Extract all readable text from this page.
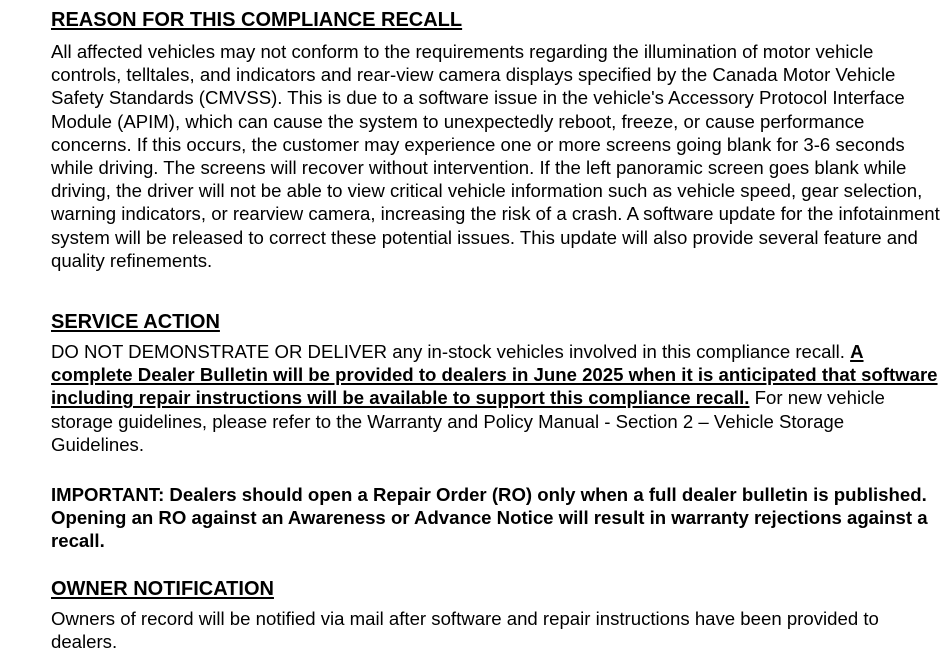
REASON FOR THIS COMPLIANCE RECALL

All affected vehicles may not conform to the requirements regarding the illumination of motor vehicle controls, telltales, and indicators and rear-view camera displays specified by the Canada Motor Vehicle Safety Standards (CMVSS). This is due to a software issue in the vehicle's Accessory Protocol Interface Module (APIM), which can cause the system to unexpectedly reboot, freeze, or cause performance concerns. If this occurs, the customer may experience one or more screens going blank for 3-6 seconds while driving. The screens will recover without intervention. If the left panoramic screen goes blank while driving, the driver will not be able to view critical vehicle information such as vehicle speed, gear selection, warning indicators, or rearview camera, increasing the risk of a crash. A software update for the infotainment system will be released to correct these potential issues. This update will also provide several feature and quality refinements.

SERVICE ACTION

DO NOT DEMONSTRATE OR DELIVER any in-stock vehicles involved in this compliance recall. A complete Dealer Bulletin will be provided to dealers in June 2025 when it is anticipated that software including repair instructions will be available to support this compliance recall. For new vehicle storage guidelines, please refer to the Warranty and Policy Manual - Section 2 – Vehicle Storage Guidelines.

IMPORTANT: Dealers should open a Repair Order (RO) only when a full dealer bulletin is published. Opening an RO against an Awareness or Advance Notice will result in warranty rejections against a recall.

OWNER NOTIFICATION

Owners of record will be notified via mail after software and repair instructions have been provided to dealers.
